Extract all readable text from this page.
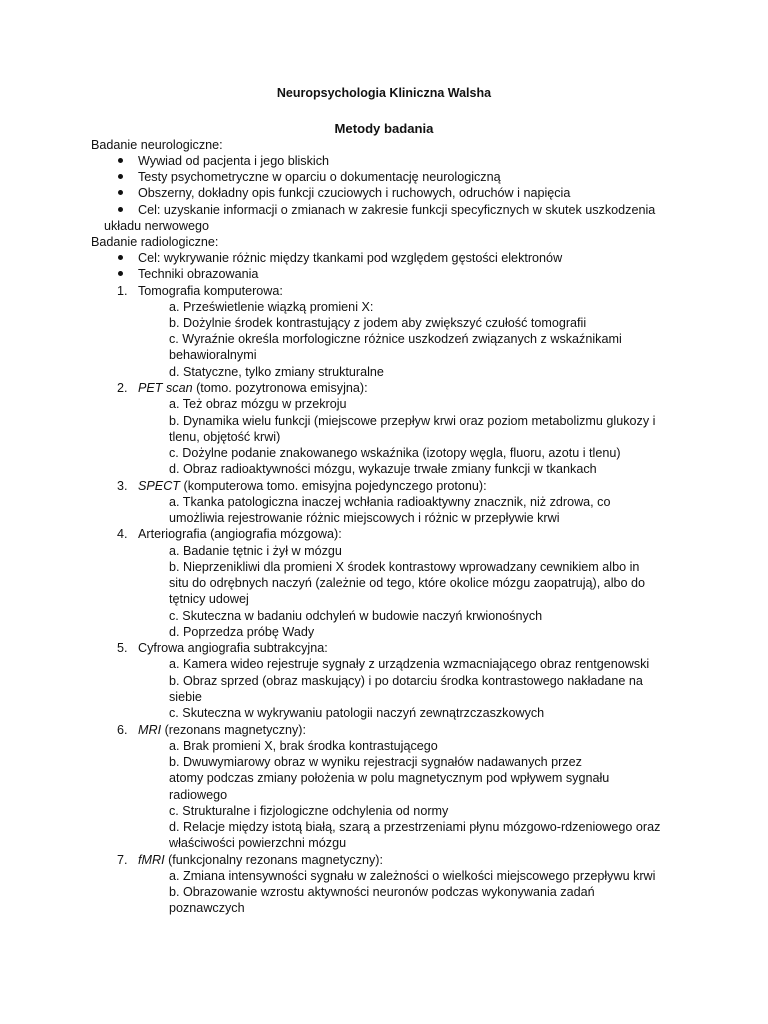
Neuropsychologia Kliniczna Walsha
Metody badania
Badanie neurologiczne:
Wywiad od pacjenta i jego bliskich
Testy psychometryczne w oparciu o dokumentację neurologiczną
Obszerny, dokładny opis funkcji czuciowych i ruchowych, odruchów i napięcia
Cel: uzyskanie informacji o zmianach w zakresie funkcji specyficznych w skutek uszkodzenia
układu nerwowego
Badanie radiologiczne:
Cel: wykrywanie różnic między tkankami pod względem gęstości elektronów
Techniki obrazowania
1. Tomografia komputerowa:
a. Prześwietlenie wiązką promieni X:
b. Dożylnie środek kontrastujący z jodem aby zwiększyć czułość tomografii
c. Wyraźnie określa morfologiczne różnice uszkodzeń związanych z wskaźnikami
behawioralnymi
d. Statyczne, tylko zmiany strukturalne
2. PET scan (tomo. pozytronowa emisyjna):
a. Też obraz mózgu w przekroju
b. Dynamika wielu funkcji (miejscowe przepływ krwi oraz poziom metabolizmu glukozy i
tlenu, objętość krwi)
c. Dożylne podanie znakowanego wskaźnika (izotopy węgla, fluoru, azotu i tlenu)
d. Obraz radioaktywności mózgu, wykazuje trwałe zmiany funkcji w tkankach
3. SPECT (komputerowa tomo. emisyjna pojedynczego protonu):
a. Tkanka patologiczna inaczej wchłania radioaktywny znacznik, niż zdrowa, co
umożliwia rejestrowanie różnic miejscowych i różnic w przepływie krwi
4. Arteriografia (angiografia mózgowa):
a. Badanie tętnic i żył w mózgu
b. Nieprzenikliwi dla promieni X środek kontrastowy wprowadzany cewnikiem albo in
situ do odrębnych naczyń (zależnie od tego, które okolice mózgu zaopatrują), albo do
tętnicy udowej
c. Skuteczna w badaniu odchyleń w budowie naczyń krwionośnych
d. Poprzedza próbę Wady
5. Cyfrowa angiografia subtrakcyjna:
a. Kamera wideo rejestruje sygnały z urządzenia wzmacniającego obraz rentgenowski
b. Obraz sprzed (obraz maskujący) i po dotarciu środka kontrastowego nakładane na
siebie
c. Skuteczna w wykrywaniu patologii naczyń zewnątrzczaszkowych
6. MRI (rezonans magnetyczny):
a. Brak promieni X, brak środka kontrastującego
b. Dwuwymiarowy obraz w wyniku rejestracji sygnałów nadawanych przez
atomy podczas zmiany położenia w polu magnetycznym pod wpływem sygnału
radiowego
c. Strukturalne i fizjologiczne odchylenia od normy
d. Relacje między istotą białą, szarą a przestrzeniami płynu mózgowo-rdzeniowego oraz
właściwości powierzchni mózgu
7. fMRI (funkcjonalny rezonans magnetyczny):
a. Zmiana intensywności sygnału w zależności o wielkości miejscowego przepływu krwi
b. Obrazowanie wzrostu aktywności neuronów podczas wykonywania zadań
poznawczych
